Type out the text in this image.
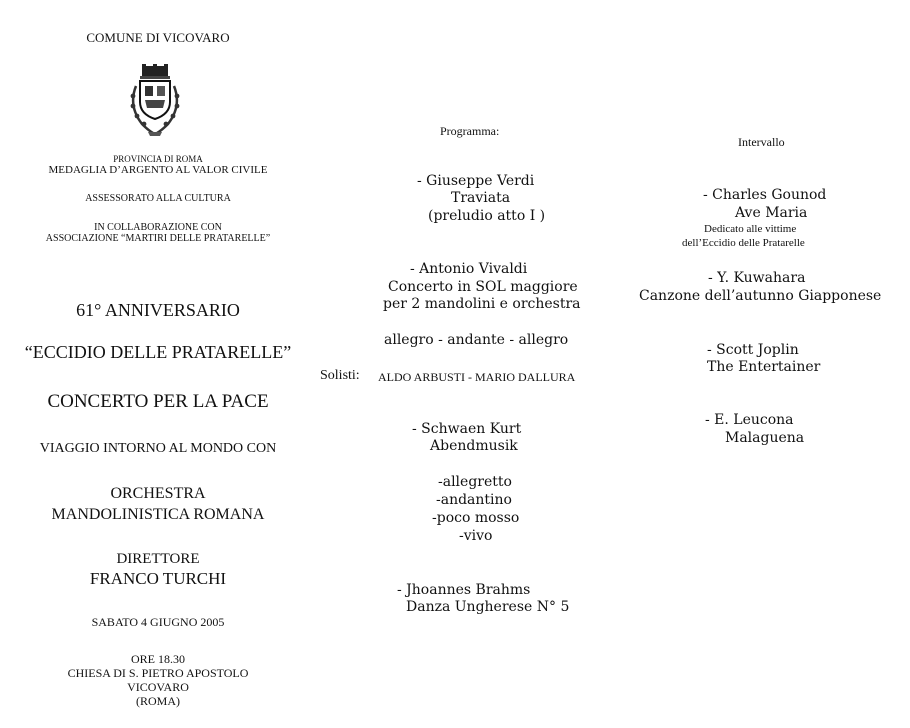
COMUNE DI VICOVARO
PROVINCIA DI ROMA
MEDAGLIA D’ARGENTO AL VALOR CIVILE
ASSESSORATO ALLA CULTURA
IN COLLABORAZIONE CON
ASSOCIAZIONE “MARTIRI DELLE PRATARELLE”
61° ANNIVERSARIO
“ECCIDIO DELLE PRATARELLE”
CONCERTO PER LA PACE
VIAGGIO INTORNO AL MONDO CON
ORCHESTRA
MANDOLINISTICA ROMANA
DIRETTORE
FRANCO TURCHI
SABATO 4 GIUGNO 2005
ORE 18.30
CHIESA DI S. PIETRO APOSTOLO
VICOVARO
(ROMA)
Programma:
- Giuseppe Verdi
Traviata
(preludio atto I )
- Antonio Vivaldi
Concerto in SOL maggiore
per 2 mandolini e orchestra
allegro - andante - allegro
Solisti: ALDO ARBUSTI - MARIO DALLURA
- Schwaen Kurt
Abendmusik
-allegretto
-andantino
-poco mosso
-vivo
- Jhoannes Brahms
Danza Ungherese N° 5
Intervallo
- Charles Gounod
Ave Maria
Dedicato alle vittime
dell’Eccidio delle Pratarelle
- Y. Kuwahara
Canzone dell’autunno Giapponese
- Scott Joplin
The Entertainer
- E. Leucona
Malaguena
